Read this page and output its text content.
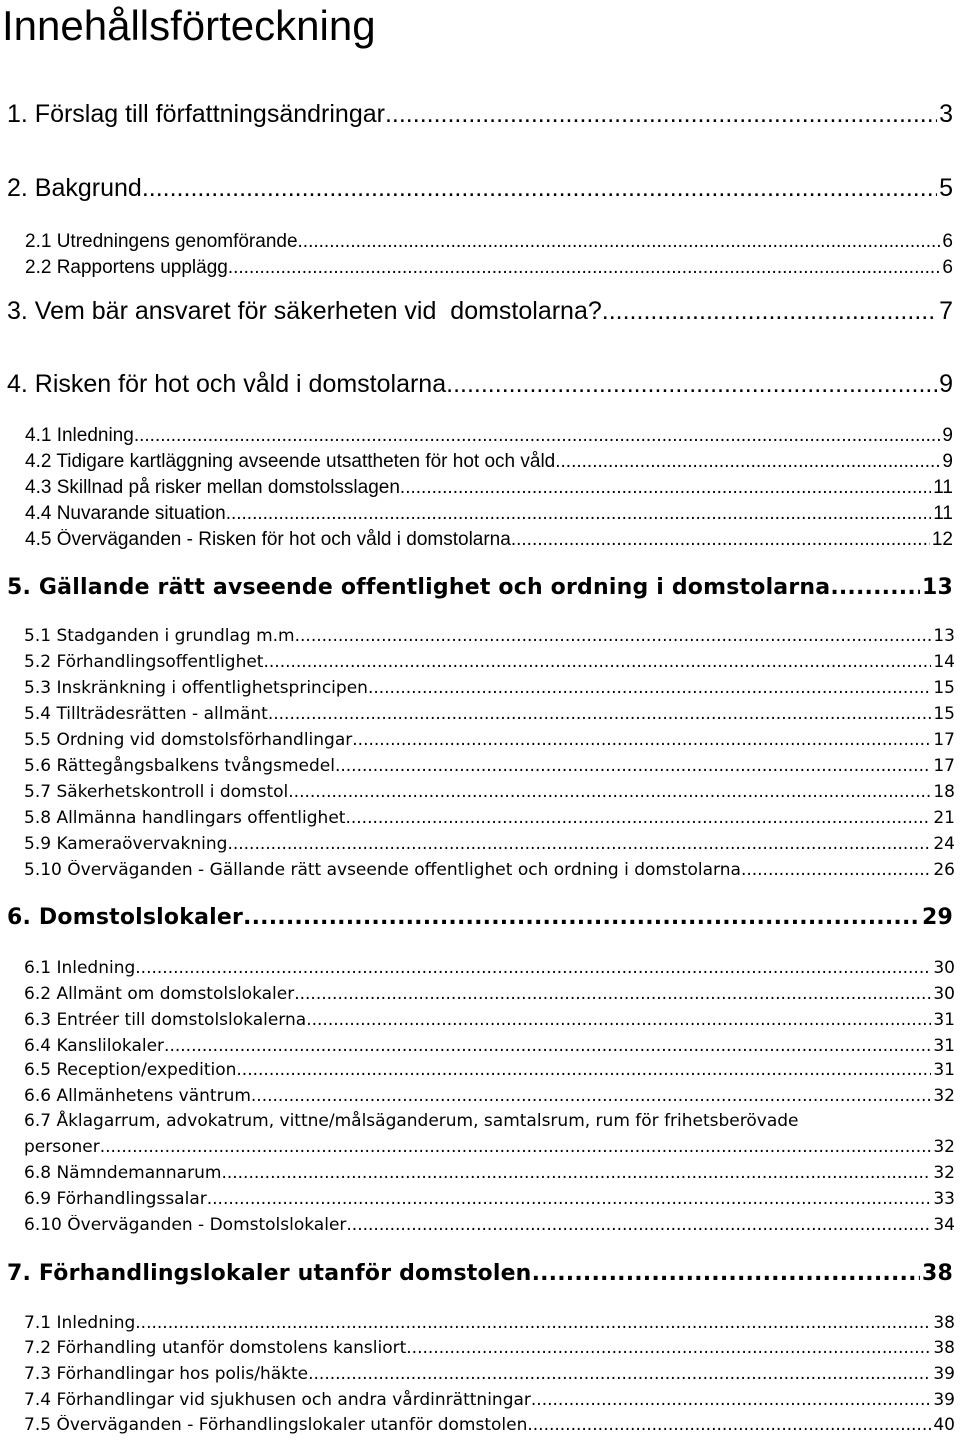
Innehållsförteckning
1. Förslag till författningsändringar .....	3
2. Bakgrund .....	5
2.1 Utredningens genomförande .....	6
2.2 Rapportens upplägg .....	6
3. Vem bär ansvaret för säkerheten vid  domstolarna? .....	7
4. Risken för hot och våld i domstolarna .....	9
4.1 Inledning .....	9
4.2 Tidigare kartläggning avseende utsattheten för hot och våld .....	9
4.3 Skillnad på risker mellan domstolsslagen .....	11
4.4 Nuvarande situation .....	11
4.5 Överväganden - Risken för hot och våld i domstolarna .....	12
5. Gällande rätt avseende offentlighet och ordning i domstolarna .....	13
5.1 Stadganden i grundlag m.m. .....	13
5.2 Förhandlingsoffentlighet .....	14
5.3 Inskränkning i offentlighetsprincipen .....	15
5.4 Tillträdesrätten - allmänt .....	15
5.5 Ordning vid domstolsförhandlingar .....	17
5.6 Rättegångsbalkens tvångsmedel .....	17
5.7 Säkerhetskontroll i domstol .....	18
5.8 Allmänna handlingars offentlighet .....	21
5.9 Kameraövervakning .....	24
5.10 Överväganden - Gällande rätt avseende offentlighet och ordning i domstolarna .....	26
6. Domstolslokaler .....	29
6.1 Inledning .....	30
6.2 Allmänt om domstolslokaler .....	30
6.3 Entréer till domstolslokalerna .....	31
6.4 Kanslilokaler .....	31
6.5 Reception/expedition .....	31
6.6 Allmänhetens väntrum .....	32
6.7 Åklagarrum, advokatrum, vittne/målsäganderum, samtalsrum, rum för frihetsberövade
personer .....	32
6.8 Nämndemannarum .....	32
6.9 Förhandlingssalar .....	33
6.10 Överväganden - Domstolslokaler .....	34
7. Förhandlingslokaler utanför domstolen .....	38
7.1 Inledning .....	38
7.2 Förhandling utanför domstolens kansliort .....	38
7.3 Förhandlingar hos polis/häkte .....	39
7.4 Förhandlingar vid sjukhusen och andra vårdinrättningar .....	39
7.5 Överväganden - Förhandlingslokaler utanför domstolen .....	40
